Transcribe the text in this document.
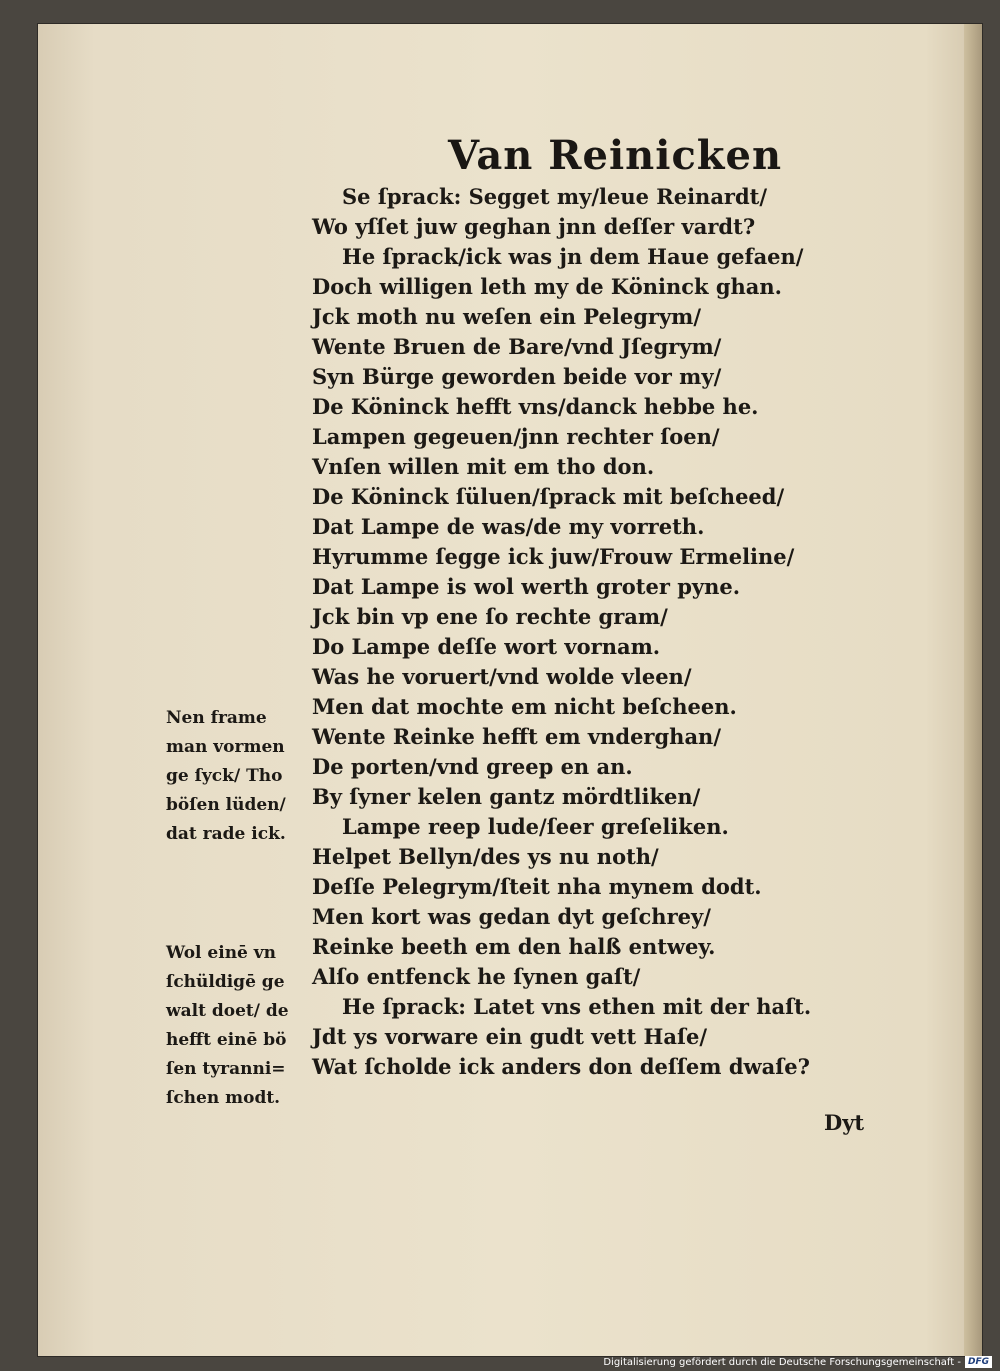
Van Reinicken
Se ſprack: Segget my/leue Reinardt/
Wo yſſet juw geghan jnn deſſer vardt?
He ſprack/ick was jn dem Haue gefaen/
Doch willigen leth my de Köninck ghan.
Jck moth nu weſen ein Pelegrym/
Wente Bruen de Bare/vnd Jſegrym/
Syn Bürge geworden beide vor my/
De Köninck hefft vns/danck hebbe he.
Lampen gegeuen/jnn rechter ſoen/
Vnſen willen mit em tho don.
De Köninck ſüluen/ſprack mit beſcheed/
Dat Lampe de was/de my vorreth.
Hyrumme ſegge ick juw/Frouw Ermeline/
Dat Lampe is wol werth groter pyne.
Jck bin vp ene ſo rechte gram/
Do Lampe deſſe wort vornam.
Was he voruert/vnd wolde vleen/
Men dat mochte em nicht beſcheen.
Wente Reinke hefft em vnderghan/
De porten/vnd greep en an.
By ſyner kelen gantz mördtliken/
Lampe reep lude/ſeer greſeliken.
Helpet Bellyn/des ys nu noth/
Deſſe Pelegrym/ſteit nha mynem dodt.
Men kort was gedan dyt geſchrey/
Reinke beeth em den halß entwey.
Alſo entfenck he ſynen gaſt/
He ſprack: Latet vns ethen mit der haſt.
Jdt ys vorware ein gudt vett Haſe/
Wat ſcholde ick anders don deſſem dwaſe?
Nen frame
man vormen
ge ſyck/ Tho
böſen lüden/
dat rade ick.
Wol einē vn
ſchüldigē ge
walt doet/ de
hefft einē bö
ſen tyranni=
ſchen modt.
Dyt
Digitalisierung gefördert durch die Deutsche Forschungsgemeinschaft - DFG
